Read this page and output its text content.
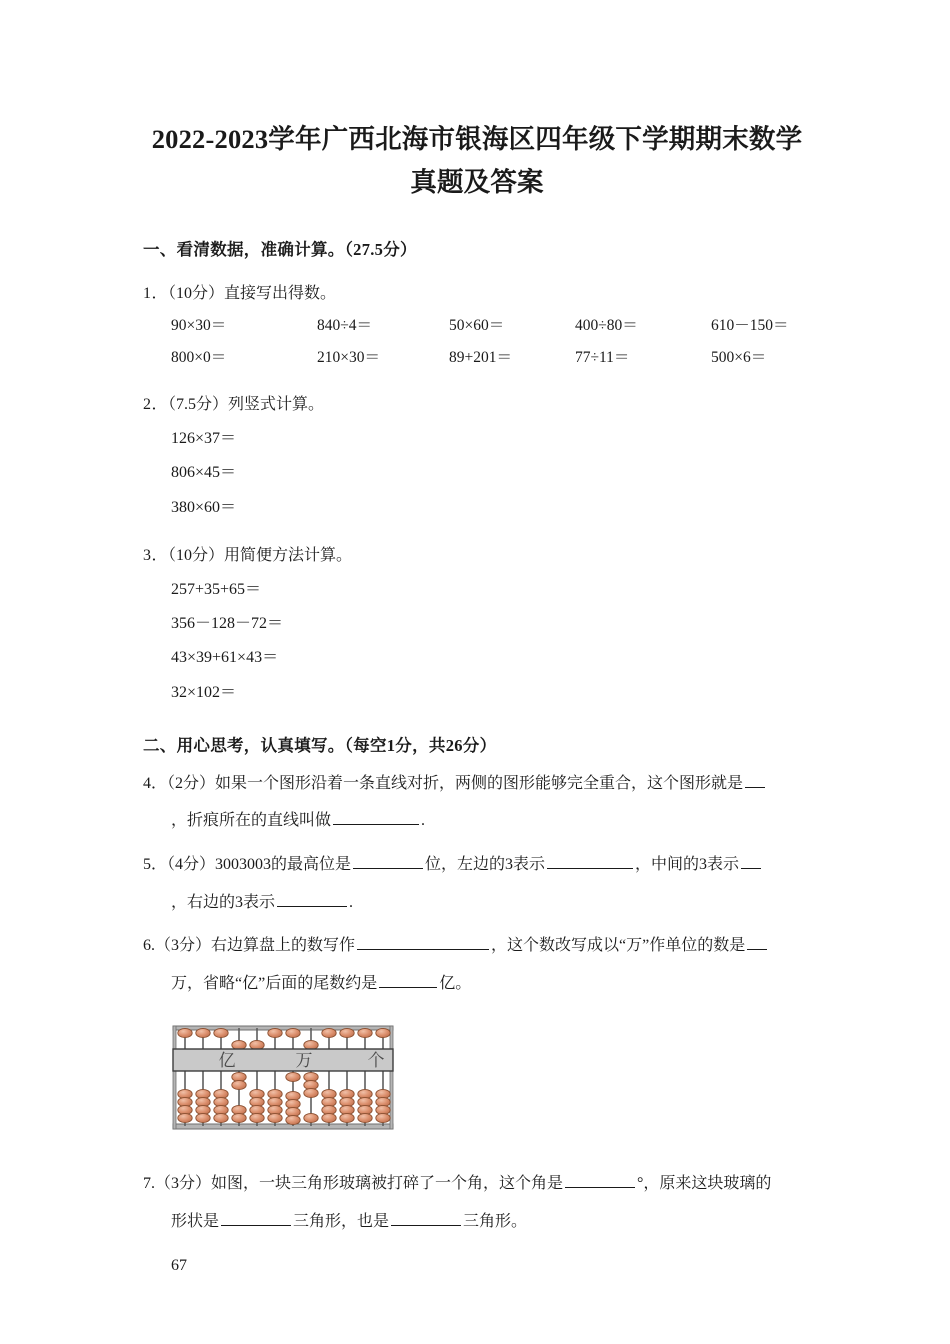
2022-2023学年广西北海市银海区四年级下学期期末数学真题及答案
一、看清数据，准确计算。（27.5分）
1．（10分）直接写出得数。
90×30＝	840÷4＝	50×60＝	400÷80＝	610－150＝
800×0＝	210×30＝	89+201＝	77÷11＝	500×6＝
2．（7.5分）列竖式计算。
126×37＝
806×45＝
380×60＝
3．（10分）用简便方法计算。
257+35+65＝
356－128－72＝
43×39+61×43＝
32×102＝
二、用心思考，认真填写。（每空1分，共26分）
4．（2分）如果一个图形沿着一条直线对折，两侧的图形能够完全重合，这个图形就是
，折痕所在的直线叫做	.
5．（4分）3003003的最高位是	位，左边的3表示	，中间的3表示
，右边的3表示	.
6.（3分）右边算盘上的数写作	，这个数改写成以“万”作单位的数是
万，省略“亿”后面的尾数约是	亿。
亿	万	个
7.（3分）如图，一块三角形玻璃被打碎了一个角，这个角是	°，原来这块玻璃的
形状是	三角形，也是	三角形。
67
